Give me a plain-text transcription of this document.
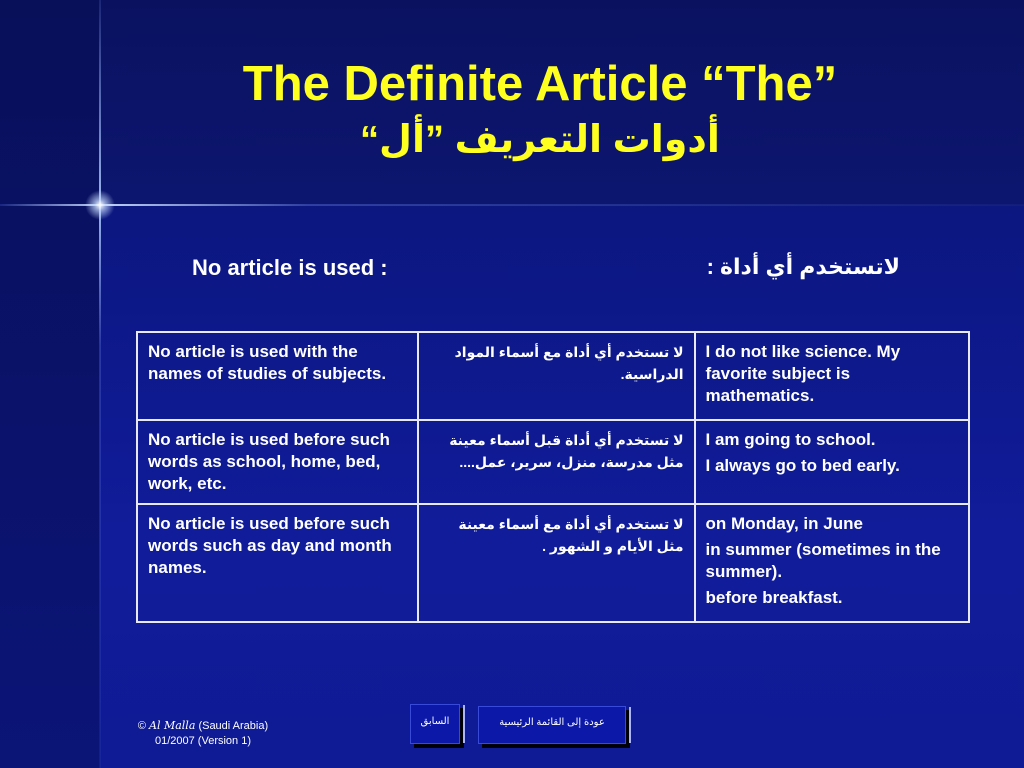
The Definite Article “The”
أدوات التعريف ”أل“
No article is used :	لاتستخدم أي أداة :
No article is used with the names of studies of subjects.	لا تستخدم أي أداة مع أسماء المواد الدراسية.	I do not like science. My favorite subject is mathematics.

No article is used before such words as school, home, bed, work, etc.	لا تستخدم أي أداة قبل أسماء معينة مثل مدرسة، منزل، سرير، عمل....	I am going to school.
I always go to bed early.

No article is used before such words such as day and month names.	لا تستخدم أي أداة مع أسماء معينة مثل الأيام و الشهور .	on Monday, in June
in summer (sometimes in the summer).
before breakfast.
© Al Malla (Saudi Arabia)
01/2007 (Version 1)
السابق	عودة إلى القائمة الرئيسية
